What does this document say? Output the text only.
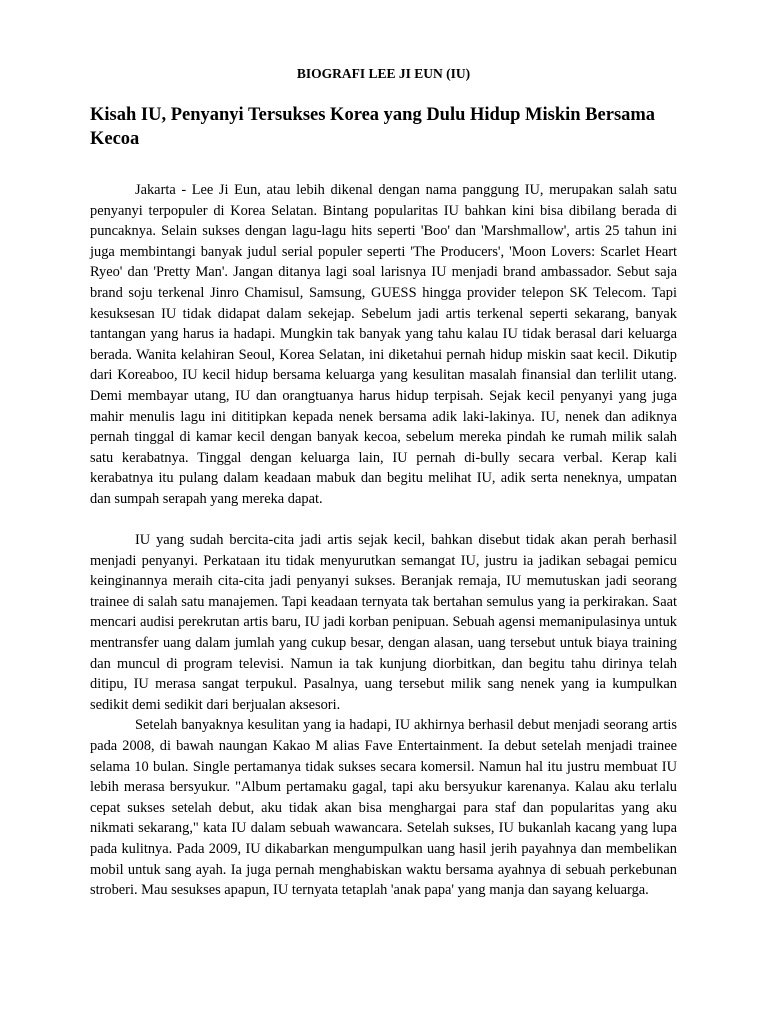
BIOGRAFI LEE JI EUN (IU)
Kisah IU, Penyanyi Tersukses Korea yang Dulu Hidup Miskin Bersama Kecoa

Jakarta - Lee Ji Eun, atau lebih dikenal dengan nama panggung IU, merupakan salah satu penyanyi terpopuler di Korea Selatan. Bintang popularitas IU bahkan kini bisa dibilang berada di puncaknya. Selain sukses dengan lagu-lagu hits seperti 'Boo' dan 'Marshmallow', artis 25 tahun ini juga membintangi banyak judul serial populer seperti 'The Producers', 'Moon Lovers: Scarlet Heart Ryeo' dan 'Pretty Man'. Jangan ditanya lagi soal larisnya IU menjadi brand ambassador. Sebut saja brand soju terkenal Jinro Chamisul, Samsung, GUESS hingga provider telepon SK Telecom. Tapi kesuksesan IU tidak didapat dalam sekejap. Sebelum jadi artis terkenal seperti sekarang, banyak tantangan yang harus ia hadapi. Mungkin tak banyak yang tahu kalau IU tidak berasal dari keluarga berada. Wanita kelahiran Seoul, Korea Selatan, ini diketahui pernah hidup miskin saat kecil. Dikutip dari Koreaboo, IU kecil hidup bersama keluarga yang kesulitan masalah finansial dan terlilit utang. Demi membayar utang, IU dan orangtuanya harus hidup terpisah. Sejak kecil penyanyi yang juga mahir menulis lagu ini dititipkan kepada nenek bersama adik laki-lakinya. IU, nenek dan adiknya pernah tinggal di kamar kecil dengan banyak kecoa, sebelum mereka pindah ke rumah milik salah satu kerabatnya. Tinggal dengan keluarga lain, IU pernah di-bully secara verbal. Kerap kali kerabatnya itu pulang dalam keadaan mabuk dan begitu melihat IU, adik serta neneknya, umpatan dan sumpah serapah yang mereka dapat.

IU yang sudah bercita-cita jadi artis sejak kecil, bahkan disebut tidak akan perah berhasil menjadi penyanyi. Perkataan itu tidak menyurutkan semangat IU, justru ia jadikan sebagai pemicu keinginannya meraih cita-cita jadi penyanyi sukses. Beranjak remaja, IU memutuskan jadi seorang trainee di salah satu manajemen. Tapi keadaan ternyata tak bertahan semulus yang ia perkirakan. Saat mencari audisi perekrutan artis baru, IU jadi korban penipuan. Sebuah agensi memanipulasinya untuk mentransfer uang dalam jumlah yang cukup besar, dengan alasan, uang tersebut untuk biaya training dan muncul di program televisi. Namun ia tak kunjung diorbitkan, dan begitu tahu dirinya telah ditipu, IU merasa sangat terpukul. Pasalnya, uang tersebut milik sang nenek yang ia kumpulkan sedikit demi sedikit dari berjualan aksesori.

Setelah banyaknya kesulitan yang ia hadapi, IU akhirnya berhasil debut menjadi seorang artis pada 2008, di bawah naungan Kakao M alias Fave Entertainment. Ia debut setelah menjadi trainee selama 10 bulan. Single pertamanya tidak sukses secara komersil. Namun hal itu justru membuat IU lebih merasa bersyukur. "Album pertamaku gagal, tapi aku bersyukur karenanya. Kalau aku terlalu cepat sukses setelah debut, aku tidak akan bisa menghargai para staf dan popularitas yang aku nikmati sekarang," kata IU dalam sebuah wawancara. Setelah sukses, IU bukanlah kacang yang lupa pada kulitnya. Pada 2009, IU dikabarkan mengumpulkan uang hasil jerih payahnya dan membelikan mobil untuk sang ayah. Ia juga pernah menghabiskan waktu bersama ayahnya di sebuah perkebunan stroberi. Mau sesukses apapun, IU ternyata tetaplah 'anak papa' yang manja dan sayang keluarga.
